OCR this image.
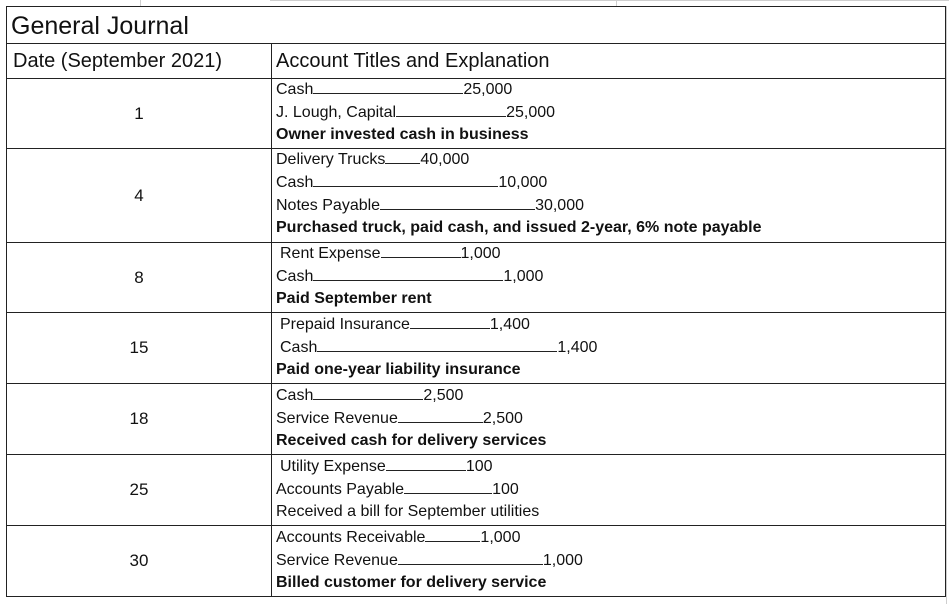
General Journal
Date (September 2021)	Account Titles and Explanation
1
Cash	25,000
J. Lough, Capital	25,000
Owner invested cash in business
4
Delivery Trucks 40,000
Cash	10,000
Notes Payable	30,000
Purchased truck, paid cash, and issued 2-year, 6% note payable
8
Rent Expense	1,000
Cash	1,000
Paid September rent
15
Prepaid Insurance	1,400
Cash	1,400
Paid one-year liability insurance
18
Cash	2,500
Service Revenue	2,500
Received cash for delivery services
25
Utility Expense	100
Accounts Payable	100
Received a bill for September utilities
30
Accounts Receivable	1,000
Service Revenue	1,000
Billed customer for delivery service
